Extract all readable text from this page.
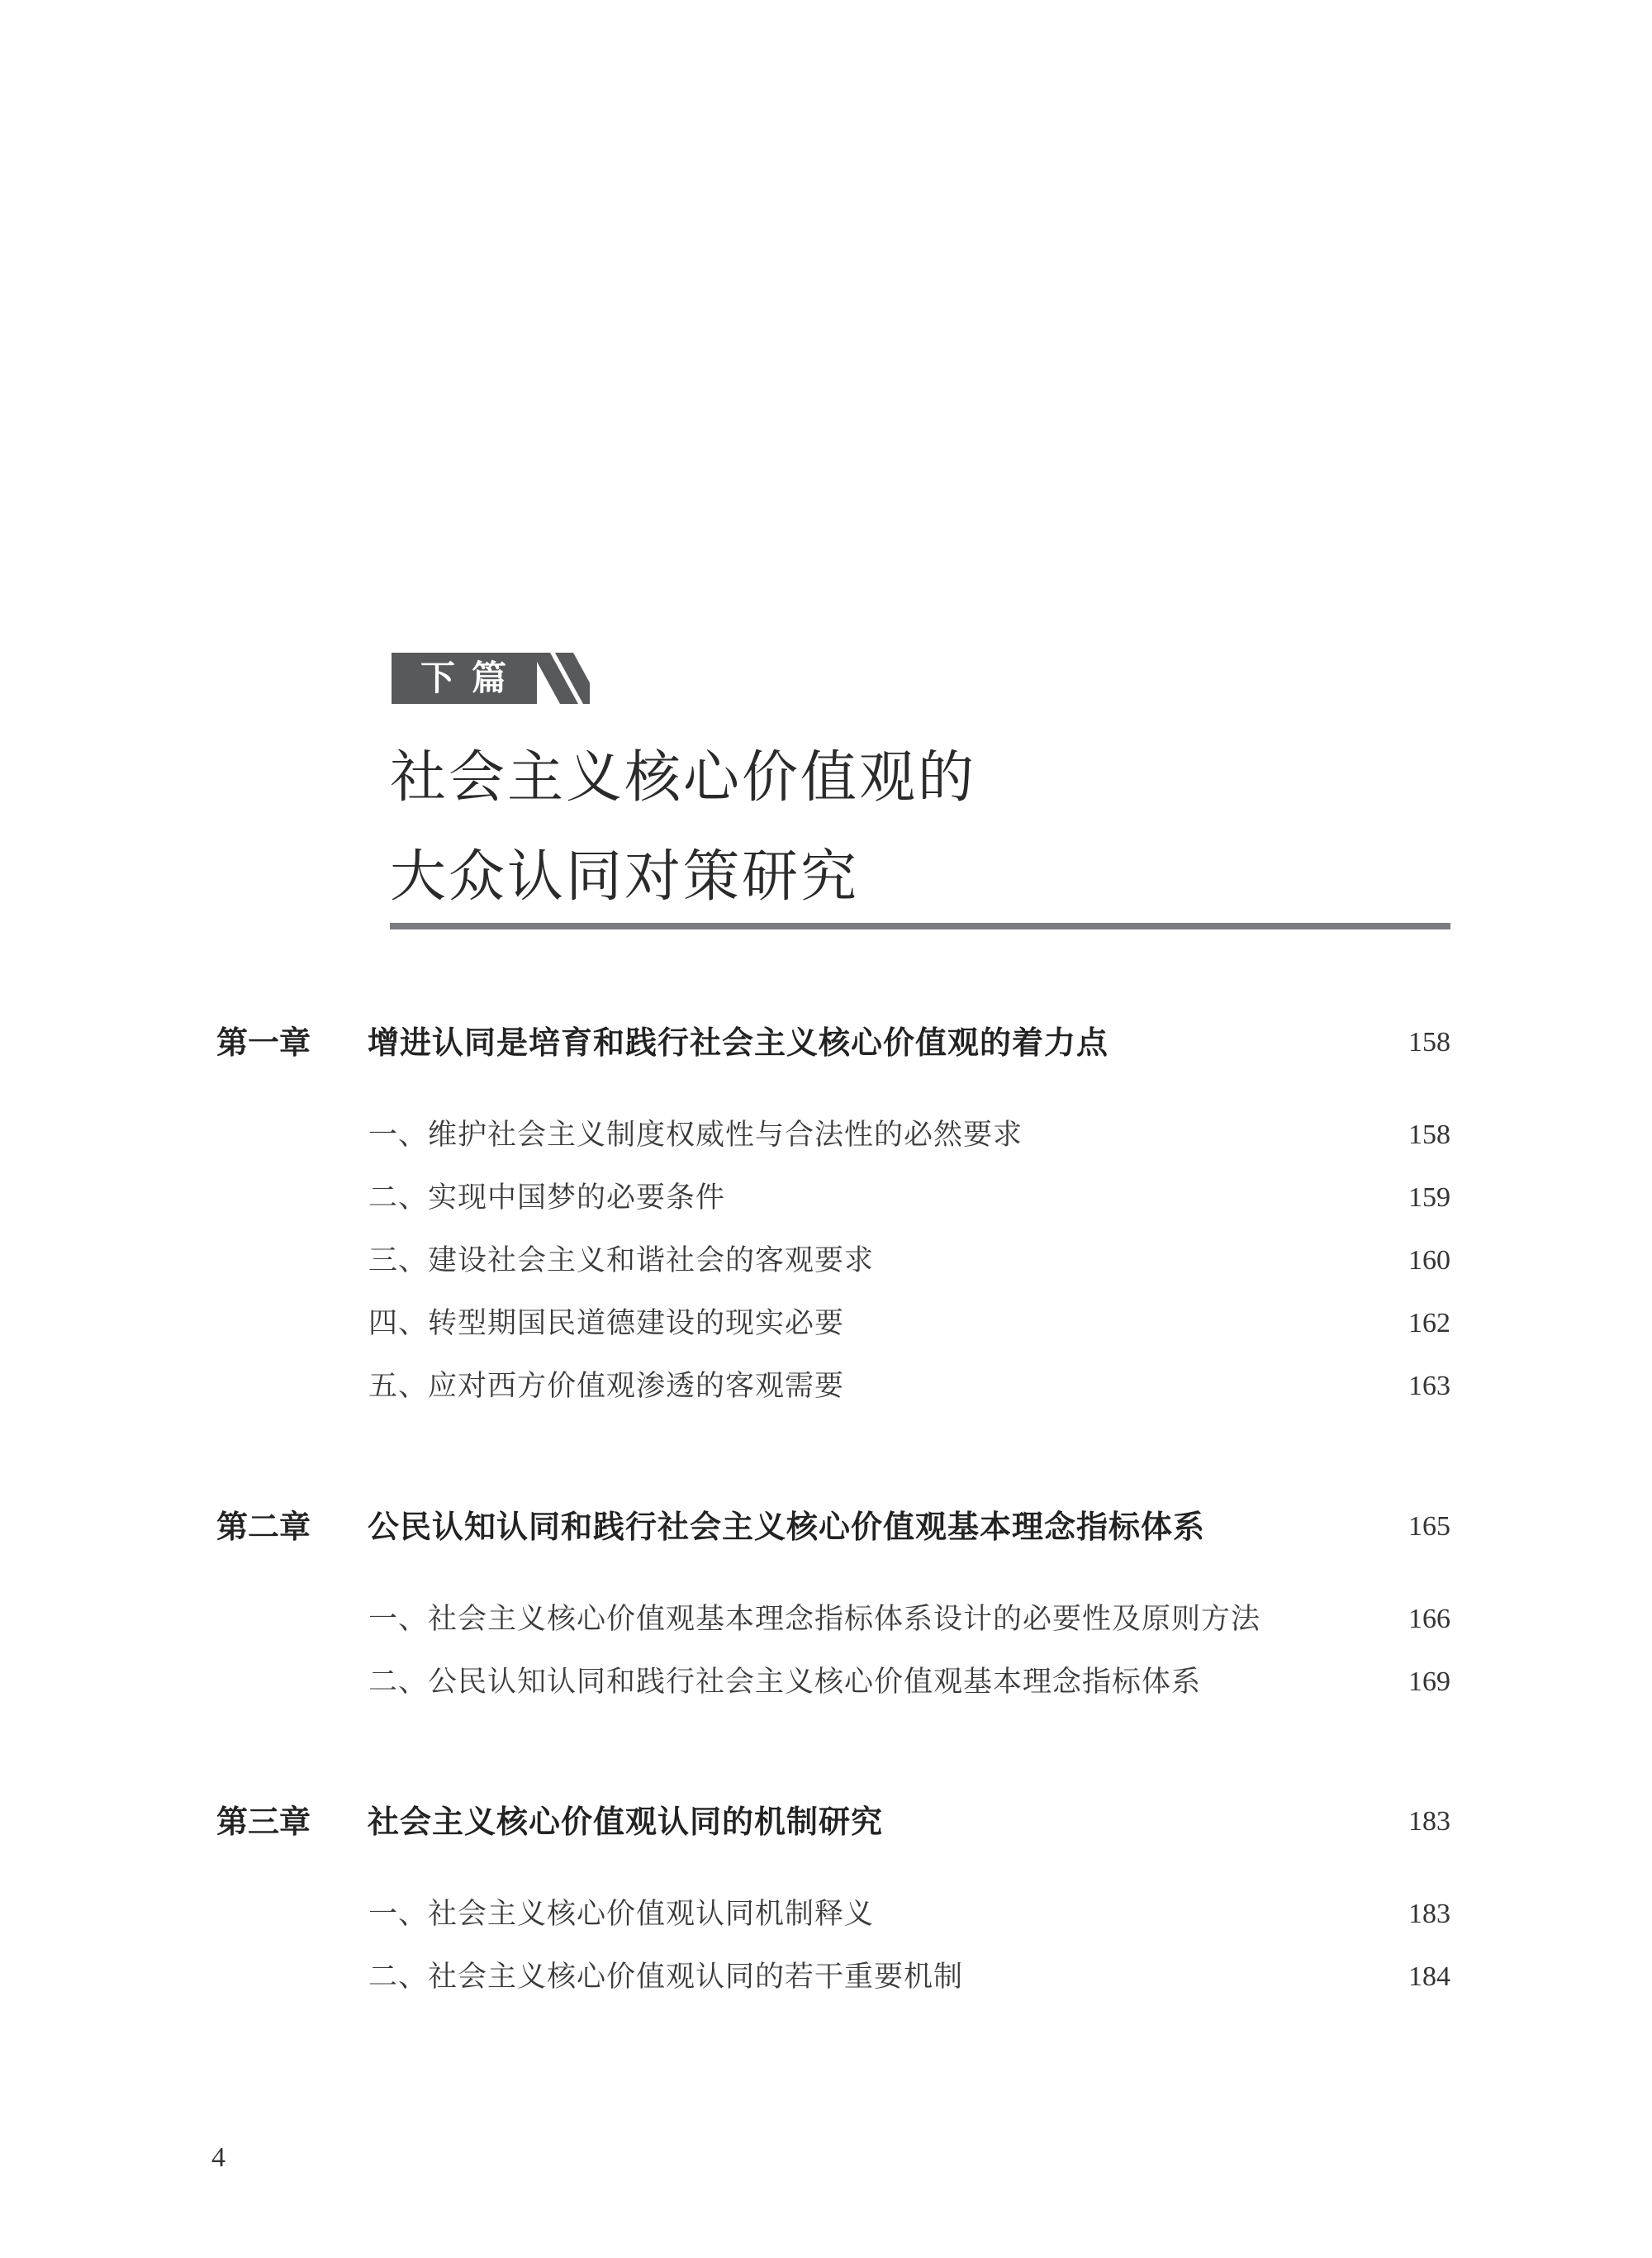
下篇
社会主义核心价值观的
大众认同对策研究
第一章 增进认同是培育和践行社会主义核心价值观的着力点	158
一、维护社会主义制度权威性与合法性的必然要求	158
二、实现中国梦的必要条件	159
三、建设社会主义和谐社会的客观要求	160
四、转型期国民道德建设的现实必要	162
五、应对西方价值观渗透的客观需要	163
第二章 公民认知认同和践行社会主义核心价值观基本理念指标体系	165
一、社会主义核心价值观基本理念指标体系设计的必要性及原则方法	166
二、公民认知认同和践行社会主义核心价值观基本理念指标体系	169
第三章 社会主义核心价值观认同的机制研究	183
一、社会主义核心价值观认同机制释义	183
二、社会主义核心价值观认同的若干重要机制	184
4
